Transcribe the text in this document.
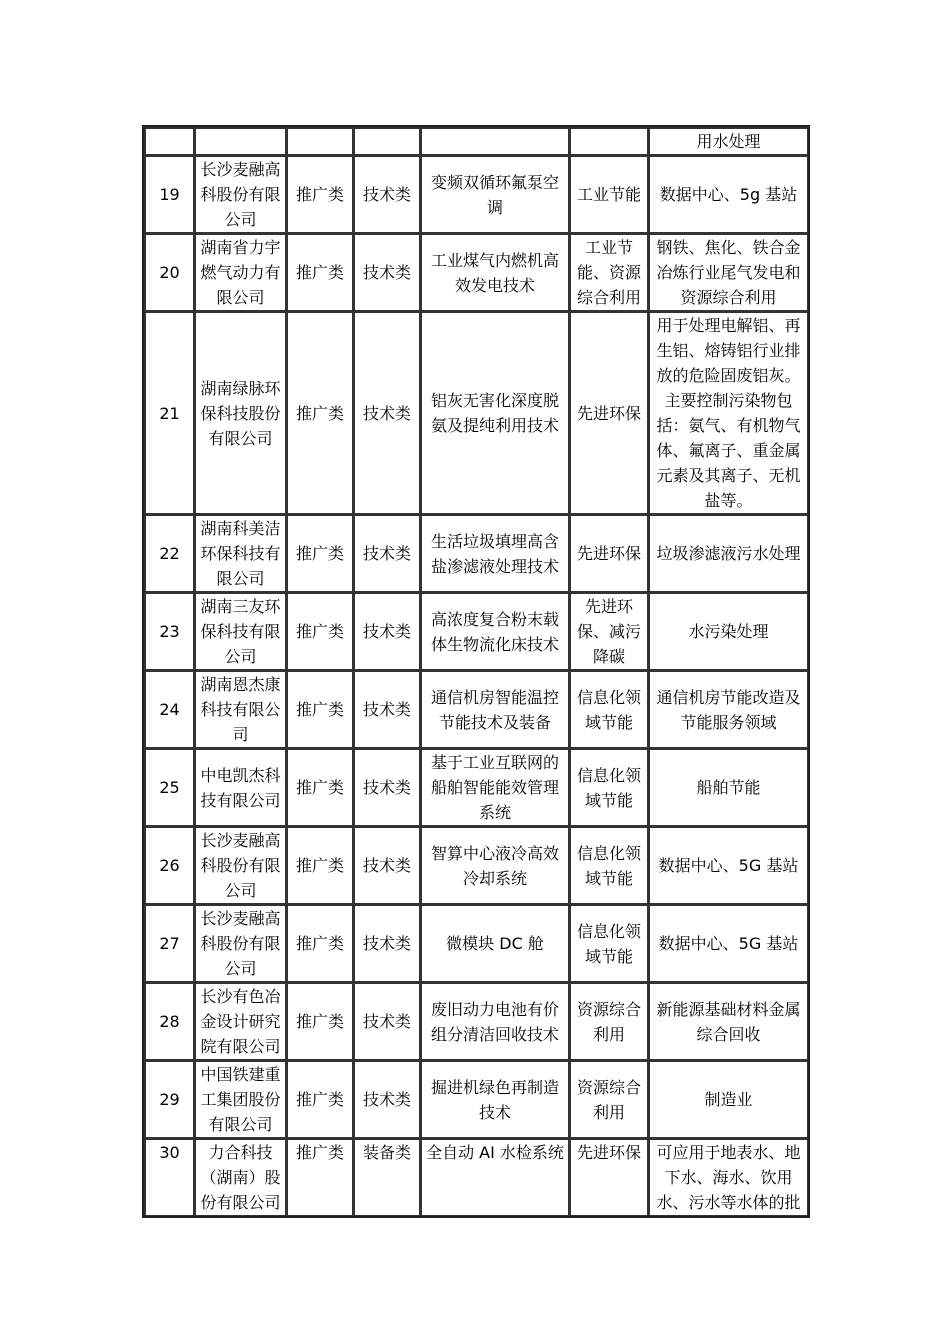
						用水处理
19	长沙麦融高科股份有限公司	推广类	技术类	变频双循环氟泵空调	工业节能	数据中心、5g 基站
20	湖南省力宇燃气动力有限公司	推广类	技术类	工业煤气内燃机高效发电技术	工业节能、资源综合利用	钢铁、焦化、铁合金冶炼行业尾气发电和资源综合利用
21	湖南绿脉环保科技股份有限公司	推广类	技术类	铝灰无害化深度脱氨及提纯利用技术	先进环保	用于处理电解铝、再生铝、熔铸铝行业排放的危险固废铝灰。主要控制污染物包括：氨气、有机物气体、氟离子、重金属元素及其离子、无机盐等。
22	湖南科美洁环保科技有限公司	推广类	技术类	生活垃圾填埋高含盐渗滤液处理技术	先进环保	垃圾渗滤液污水处理
23	湖南三友环保科技有限公司	推广类	技术类	高浓度复合粉末载体生物流化床技术	先进环保、减污降碳	水污染处理
24	湖南恩杰康科技有限公司	推广类	技术类	通信机房智能温控节能技术及装备	信息化领域节能	通信机房节能改造及节能服务领域
25	中电凯杰科技有限公司	推广类	技术类	基于工业互联网的船舶智能能效管理系统	信息化领域节能	船舶节能
26	长沙麦融高科股份有限公司	推广类	技术类	智算中心液冷高效冷却系统	信息化领域节能	数据中心、5G 基站
27	长沙麦融高科股份有限公司	推广类	技术类	微模块 DC 舱	信息化领域节能	数据中心、5G 基站
28	长沙有色冶金设计研究院有限公司	推广类	技术类	废旧动力电池有价组分清洁回收技术	资源综合利用	新能源基础材料金属综合回收
29	中国铁建重工集团股份有限公司	推广类	技术类	掘进机绿色再制造技术	资源综合利用	制造业
30	力合科技（湖南）股份有限公司	推广类	装备类	全自动 AI 水检系统	先进环保	可应用于地表水、地下水、海水、饮用水、污水等水体的批
